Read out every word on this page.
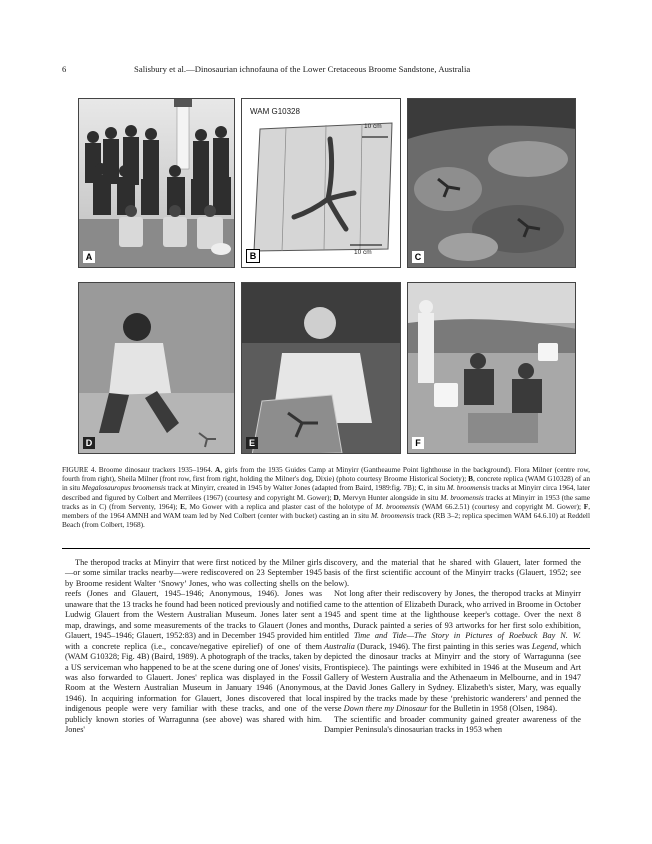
6	Salisbury et al.—Dinosaurian ichnofauna of the Lower Cretaceous Broome Sandstone, Australia
A
WAM G10328
10 cm
10 cm
B	C
D	E	F
FIGURE 4. Broome dinosaur trackers 1935–1964. A, girls from the 1935 Guides Camp at Minyirr (Gantheaume Point lighthouse in the background). Flora Milner (centre row, fourth from right), Sheila Milner (front row, first from right, holding the Milner's dog, Dixie) (photo courtesy Broome Historical Society); B, concrete replica (WAM G10328) of an in situ Megalosauropus broomensis track at Minyirr, created in 1945 by Walter Jones (adapted from Baird, 1989:fig. 7B); C, in situ M. broomensis tracks at Minyirr circa 1964, later described and figured by Colbert and Merrilees (1967) (courtesy and copyright M. Gower); D, Mervyn Hunter alongside in situ M. broomensis tracks at Minyirr in 1953 (the same tracks as in C) (from Serventy, 1964); E, Mo Gower with a replica and plaster cast of the holotype of M. broomensis (WAM 66.2.51) (courtesy and copyright M. Gower); F, members of the 1964 AMNH and WAM team led by Ned Colbert (center with bucket) casting an in situ M. broomensis track (RB 3–2; replica specimen WAM 64.6.10) at Reddell Beach (from Colbert, 1968).

The theropod tracks at Minyirr that were first noticed by the Milner girls—or some similar tracks nearby—were rediscovered on 23 September 1945 by Broome resident Walter ‘Snowy’ Jones, who was collecting shells on the reefs (Jones and Glauert, 1945–1946; Anonymous, 1946). Jones was unaware that the 13 tracks he found had been noticed previously and notified Ludwig Glauert from the Western Australian Museum. Jones later sent a map, drawings, and some measurements of the tracks to Glauert (Jones and Glauert, 1945–1946; Glauert, 1952:83) and in December 1945 provided him with a concrete replica (i.e., concave/negative epirelief) of one of them (WAM G10328; Fig. 4B) (Baird, 1989). A photograph of the tracks, taken by a US serviceman who happened to be at the scene during one of Jones' visits, was also forwarded to Glauert. Jones' replica was displayed in the Fossil Room at the Western Australian Museum in January 1946 (Anonymous, 1946). In acquiring information for Glauert, Jones discovered that local indigenous people were very familiar with these tracks, and one of the publicly known stories of Warragunna (see above) was shared with him. Jones'

discovery, and the material that he shared with Glauert, later formed the basis of the first scientific account of the Minyirr tracks (Glauert, 1952; see below).

Not long after their rediscovery by Jones, the theropod tracks at Minyirr came to the attention of Elizabeth Durack, who arrived in Broome in October 1945 and spent time at the lighthouse keeper's cottage. Over the next 8 months, Durack painted a series of 93 artworks for her first solo exhibition, entitled Time and Tide—The Story in Pictures of Roebuck Bay N. W. Australia (Durack, 1946). The first painting in this series was Legend, which depicted the dinosaur tracks at Minyirr and the story of Warragunna (see Frontispiece). The paintings were exhibited in 1946 at the Museum and Art Gallery of Western Australia and the Athenaeum in Melbourne, and in 1947 at the David Jones Gallery in Sydney. Elizabeth's sister, Mary, was equally inspired by the tracks made by these ‘prehistoric wanderers’ and penned the verse Down there my Dinosaur for the Bulletin in 1958 (Olsen, 1984).

The scientific and broader community gained greater awareness of the Dampier Peninsula's dinosaurian tracks in 1953 when
